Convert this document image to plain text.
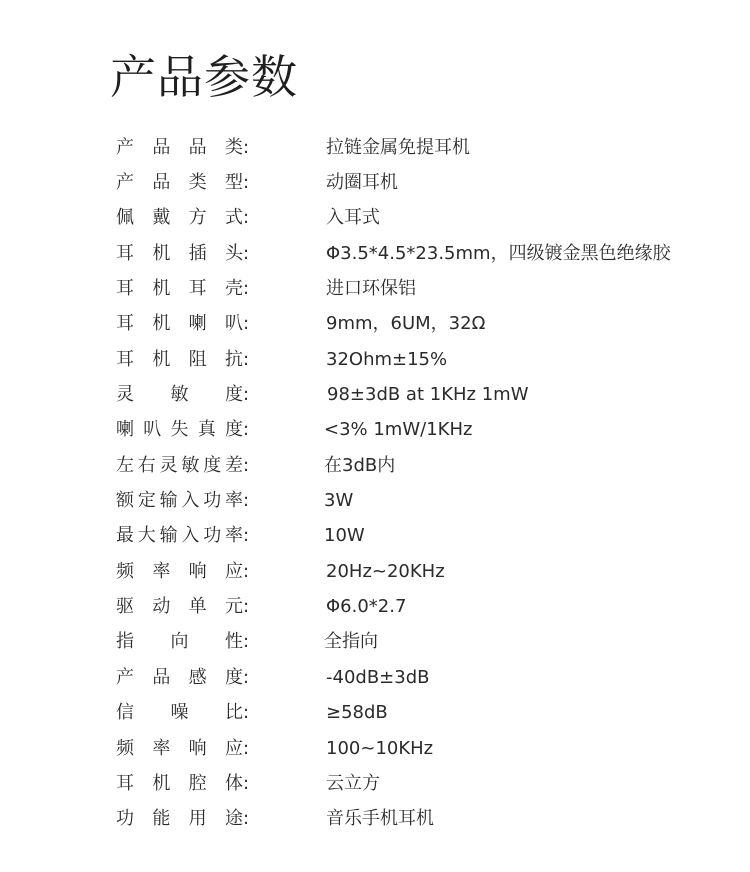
产品参数
产品品类 :	拉链金属免提耳机
产品类型 :	动圈耳机
佩戴方式 :	入耳式
耳机插头 :	Φ3.5*4.5*23.5mm，四级镀金黑色绝缘胶
耳机耳壳 :	进口环保铝
耳机喇叭 :	9mm，6UM，32Ω
耳机阻抗 :	32Ohm±15%
灵 敏 度 :	98±3dB at 1KHz 1mW
喇叭失真度 :	<3% 1mW/1KHz
左右灵敏度差 :	在3dB内
额定输入功率 :	3W
最大输入功率 :	10W
频率响应 :	20Hz~20KHz
驱动单元 :	Φ6.0*2.7
指 向 性 :	全指向
产品感度 :	-40dB±3dB
信 噪 比 :	≥58dB
频率响应 :	100~10KHz
耳机腔体 :	云立方
功能用途 :	音乐手机耳机
